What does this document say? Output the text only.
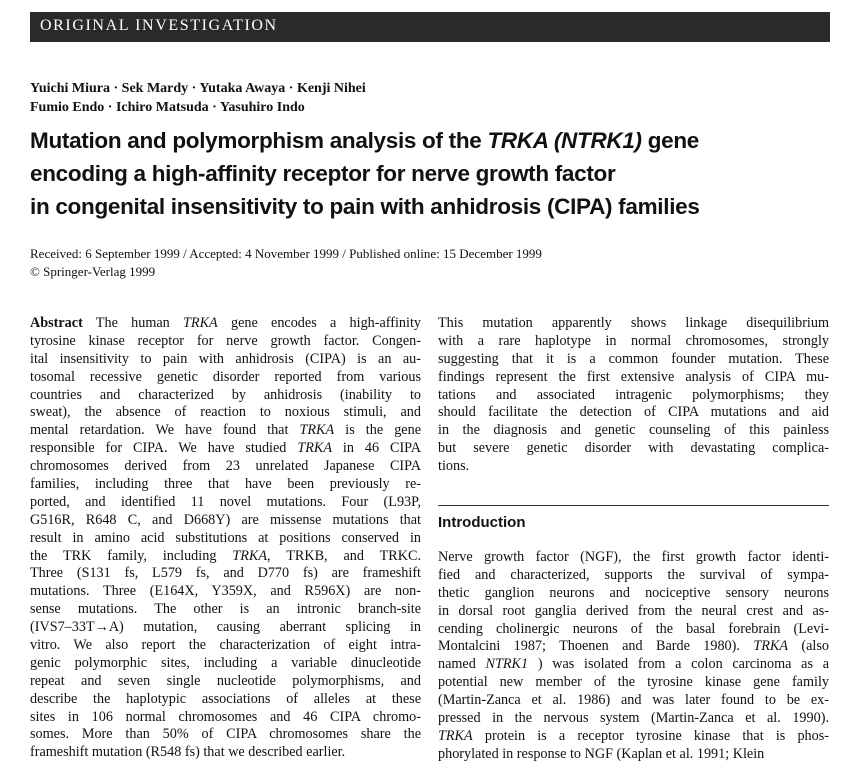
ORIGINAL INVESTIGATION
Yuichi Miura · Sek Mardy · Yutaka Awaya · Kenji Nihei
Fumio Endo · Ichiro Matsuda · Yasuhiro Indo
Mutation and polymorphism analysis of the TRKA (NTRK1) gene
encoding a high-affinity receptor for nerve growth factor
in congenital insensitivity to pain with anhidrosis (CIPA) families
Received: 6 September 1999 / Accepted: 4 November 1999 / Published online: 15 December 1999
© Springer-Verlag 1999
Abstract The human TRKA gene encodes a high-affinity
tyrosine kinase receptor for nerve growth factor. Congen-
ital insensitivity to pain with anhidrosis (CIPA) is an au-
tosomal recessive genetic disorder reported from various
countries and characterized by anhidrosis (inability to
sweat), the absence of reaction to noxious stimuli, and
mental retardation. We have found that TRKA is the gene
responsible for CIPA. We have studied TRKA in 46 CIPA
chromosomes derived from 23 unrelated Japanese CIPA
families, including three that have been previously re-
ported, and identified 11 novel mutations. Four (L93P,
G516R, R648 C, and D668Y) are missense mutations that
result in amino acid substitutions at positions conserved in
the TRK family, including TRKA, TRKB, and TRKC.
Three (S131 fs, L579 fs, and D770 fs) are frameshift
mutations. Three (E164X, Y359X, and R596X) are non-
sense mutations. The other is an intronic branch-site
(IVS7–33T→A) mutation, causing aberrant splicing in
vitro. We also report the characterization of eight intra-
genic polymorphic sites, including a variable dinucleotide
repeat and seven single nucleotide polymorphisms, and
describe the haplotypic associations of alleles at these
sites in 106 normal chromosomes and 46 CIPA chromo-
somes. More than 50% of CIPA chromosomes share the
frameshift mutation (R548 fs) that we described earlier.
This mutation apparently shows linkage disequilibrium
with a rare haplotype in normal chromosomes, strongly
suggesting that it is a common founder mutation. These
findings represent the first extensive analysis of CIPA mu-
tations and associated intragenic polymorphisms; they
should facilitate the detection of CIPA mutations and aid
in the diagnosis and genetic counseling of this painless
but severe genetic disorder with devastating complica-
tions.
Introduction
Nerve growth factor (NGF), the first growth factor identi-
fied and characterized, supports the survival of sympa-
thetic ganglion neurons and nociceptive sensory neurons
in dorsal root ganglia derived from the neural crest and as-
cending cholinergic neurons of the basal forebrain (Levi-
Montalcini 1987; Thoenen and Barde 1980). TRKA (also
named NTRK1 ) was isolated from a colon carcinoma as a
potential new member of the tyrosine kinase gene family
(Martin-Zanca et al. 1986) and was later found to be ex-
pressed in the nervous system (Martin-Zanca et al. 1990).
TRKA protein is a receptor tyrosine kinase that is phos-
phorylated in response to NGF (Kaplan et al. 1991; Klein
